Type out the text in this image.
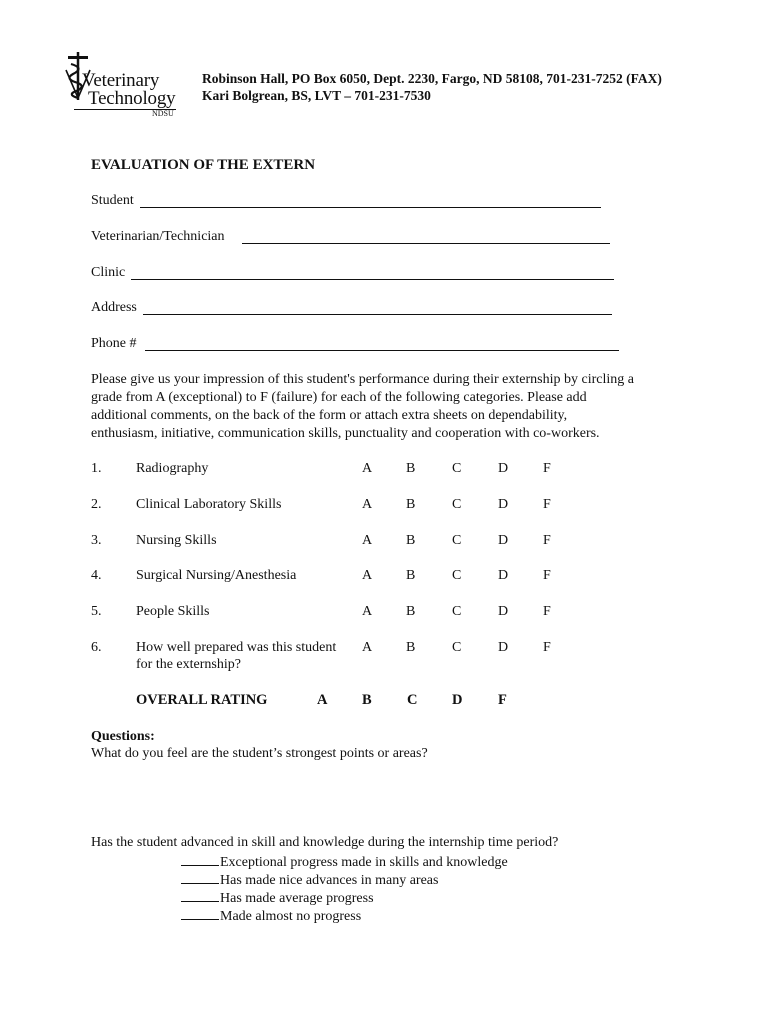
Veterinary
Technology
NDSU
Robinson Hall, PO Box 6050, Dept. 2230, Fargo, ND 58108, 701-231-7252 (FAX)
Kari Bolgrean, BS, LVT – 701-231-7530
EVALUATION OF THE EXTERN
Student
Veterinarian/Technician
Clinic
Address
Phone #
Please give us your impression of this student's performance during their externship by circling a
grade from A (exceptional) to F (failure) for each of the following categories. Please add
additional comments, on the back of the form or attach extra sheets on dependability,
enthusiasm, initiative, communication skills, punctuality and cooperation with co-workers.
1. Radiography	A B	C	D F
2. Clinical Laboratory Skills	A B	C	D F
3. Nursing Skills	A B	C	D F
4. Surgical Nursing/Anesthesia	A B	C	D F
5. People Skills	A B	C	D F
6. How well prepared was this student
for the externship?
A B	C	D F
OVERALL RATING	A B C D F
Questions:
What do you feel are the student’s strongest points or areas?
Has the student advanced in skill and knowledge during the internship time period?
Exceptional progress made in skills and knowledge
Has made nice advances in many areas
Has made average progress
Made almost no progress
